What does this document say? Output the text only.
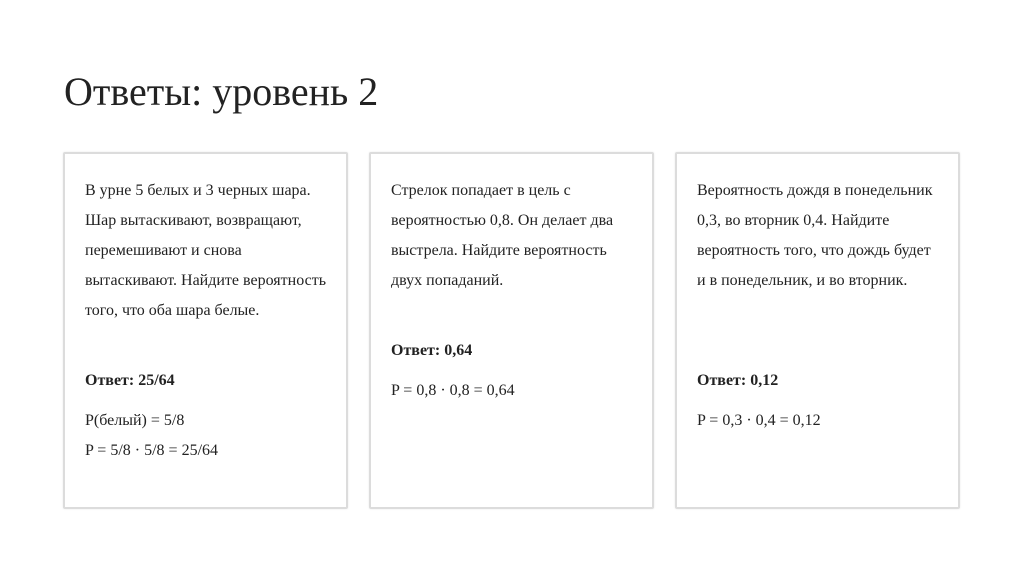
Ответы: уровень 2

В урне 5 белых и 3 черных шара. Шар вытаскивают, возвращают, перемешивают и снова вытаскивают. Найдите вероятность того, что оба шара белые.

Ответ: 25/64

P(белый) = 5/8
P = 5/8 · 5/8 = 25/64

Стрелок попадает в цель с вероятностью 0,8. Он делает два выстрела. Найдите вероятность двух попаданий.

Ответ: 0,64

P = 0,8 · 0,8 = 0,64

Вероятность дождя в понедельник 0,3, во вторник 0,4. Найдите вероятность того, что дождь будет и в понедельник, и во вторник.

Ответ: 0,12

P = 0,3 · 0,4 = 0,12
